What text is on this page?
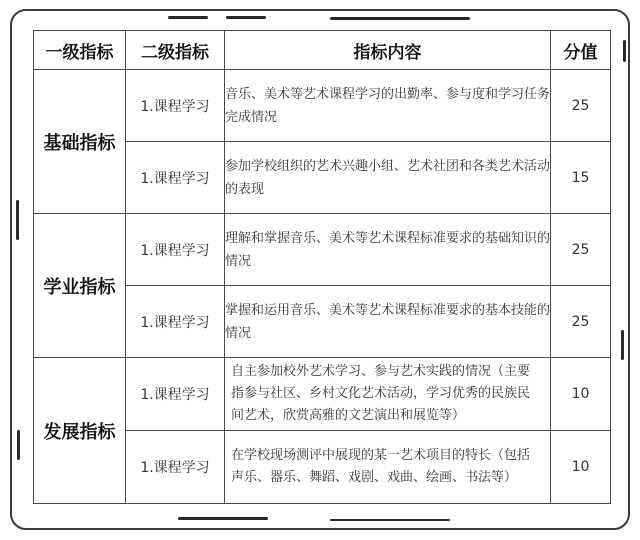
一级指标	二级指标	指标内容	分值
基础指标	1.课程学习	音乐、美术等艺术课程学习的出勤率、参与度和学习任务完成情况	25
	1.课程学习	参加学校组织的艺术兴趣小组、艺术社团和各类艺术活动的表现	15
学业指标	1.课程学习	理解和掌握音乐、美术等艺术课程标准要求的基础知识的情况	25
	1.课程学习	掌握和运用音乐、美术等艺术课程标准要求的基本技能的情况	25
发展指标	1.课程学习	自主参加校外艺术学习、参与艺术实践的情况（主要指参与社区、乡村文化艺术活动，学习优秀的民族民间艺术，欣赏高雅的文艺演出和展览等）	10
	1.课程学习	在学校现场测评中展现的某一艺术项目的特长（包括声乐、器乐、舞蹈、戏剧、戏曲、绘画、书法等）	10
